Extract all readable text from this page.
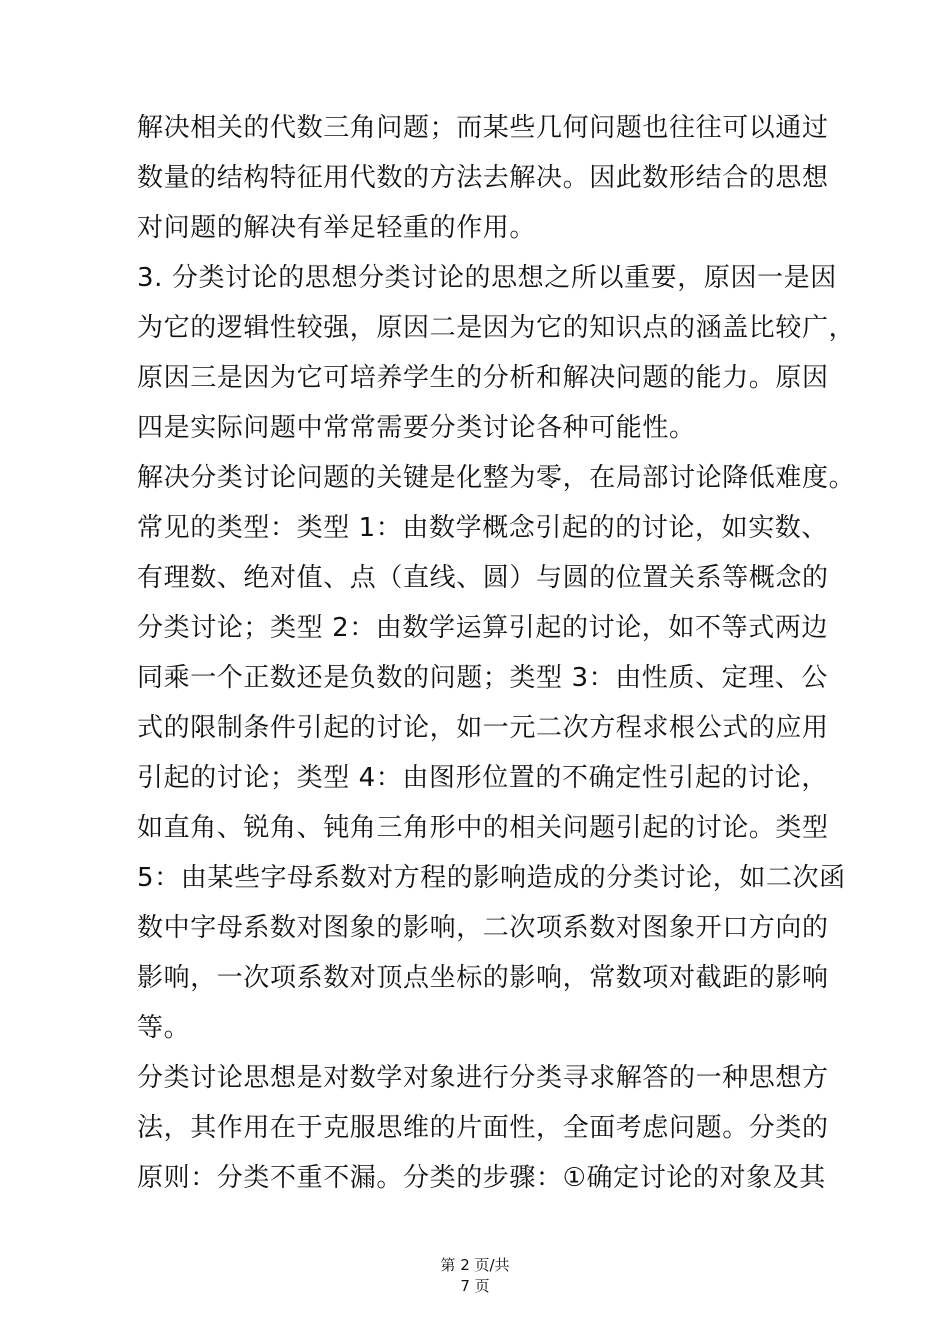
解决相关的代数三角问题；而某些几何问题也往往可以通过
数量的结构特征用代数的方法去解决。因此数形结合的思想
对问题的解决有举足轻重的作用。
3. 分类讨论的思想分类讨论的思想之所以重要，原因一是因
为它的逻辑性较强，原因二是因为它的知识点的涵盖比较广，
原因三是因为它可培养学生的分析和解决问题的能力。原因
四是实际问题中常常需要分类讨论各种可能性。
解决分类讨论问题的关键是化整为零，在局部讨论降低难度。
常见的类型：类型 1：由数学概念引起的的讨论，如实数、
有理数、绝对值、点（直线、圆）与圆的位置关系等概念的
分类讨论；类型 2：由数学运算引起的讨论，如不等式两边
同乘一个正数还是负数的问题；类型 3：由性质、定理、公
式的限制条件引起的讨论，如一元二次方程求根公式的应用
引起的讨论；类型 4：由图形位置的不确定性引起的讨论，
如直角、锐角、钝角三角形中的相关问题引起的讨论。类型
5：由某些字母系数对方程的影响造成的分类讨论，如二次函
数中字母系数对图象的影响，二次项系数对图象开口方向的
影响，一次项系数对顶点坐标的影响，常数项对截距的影响
等。
分类讨论思想是对数学对象进行分类寻求解答的一种思想方
法，其作用在于克服思维的片面性，全面考虑问题。分类的
原则：分类不重不漏。分类的步骤：①确定讨论的对象及其
第 2 页/共
7 页
